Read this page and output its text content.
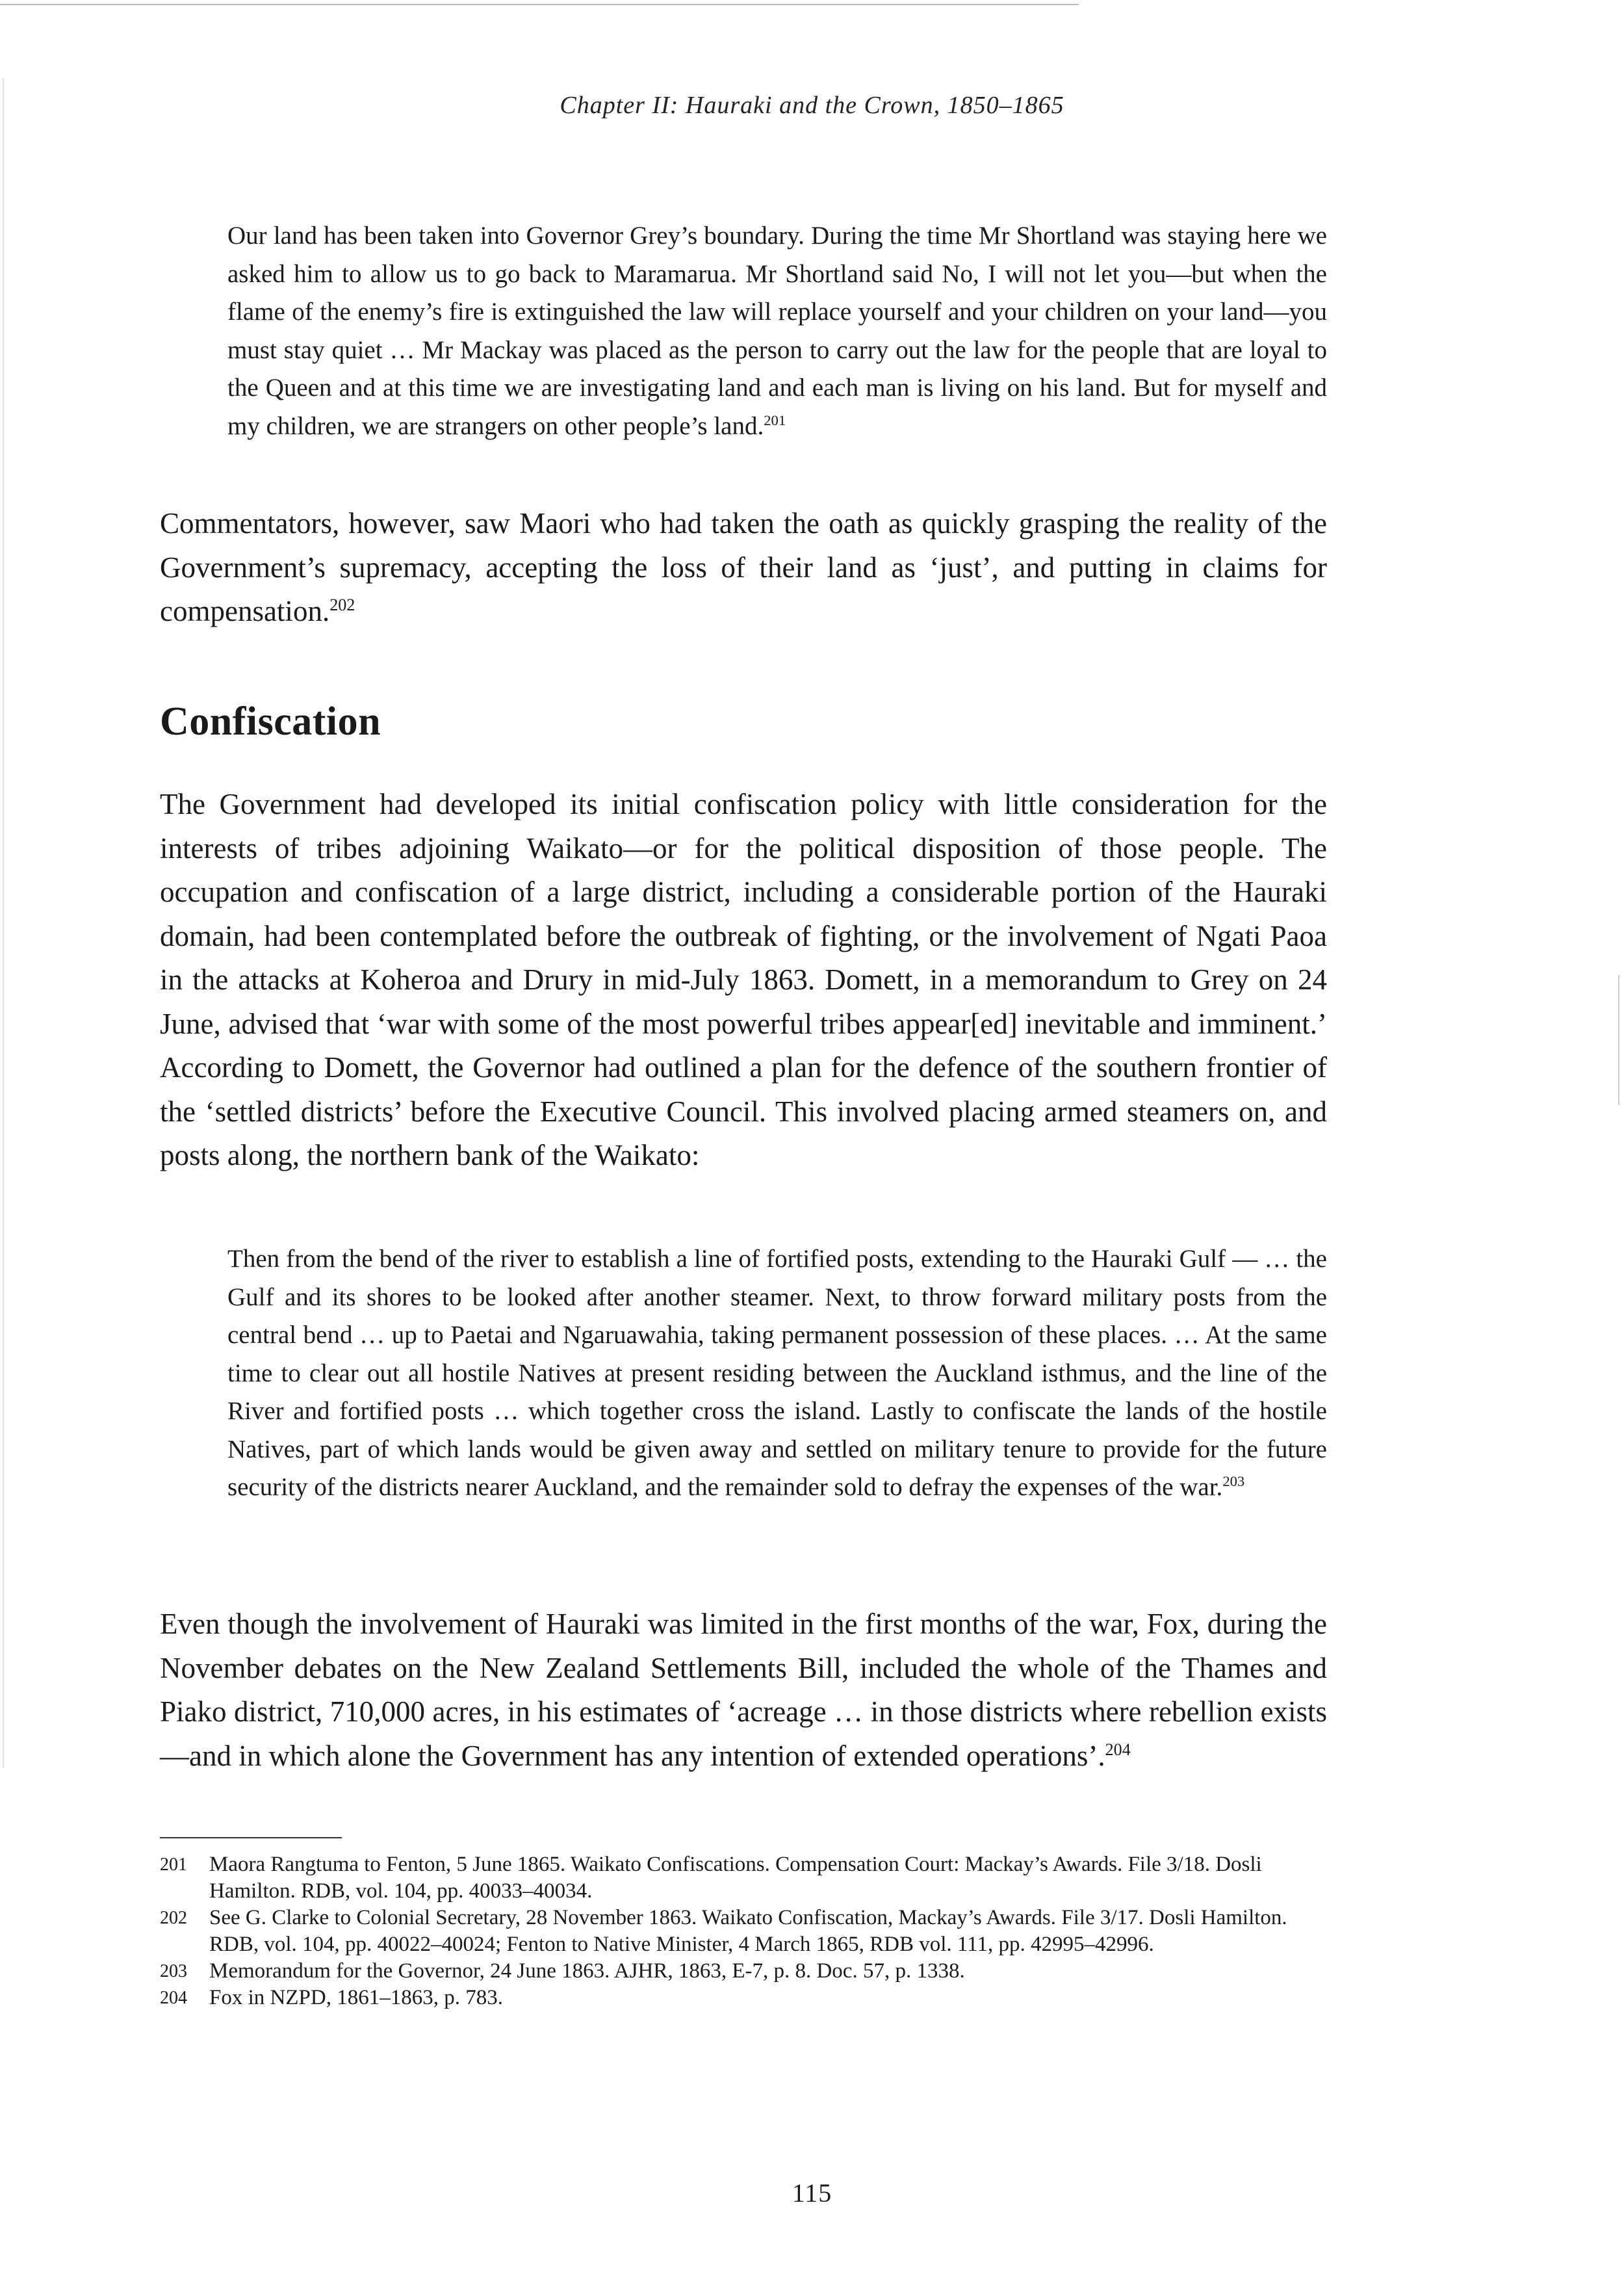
Chapter II: Hauraki and the Crown, 1850–1865

Our land has been taken into Governor Grey’s boundary. During the time Mr Shortland was staying here we asked him to allow us to go back to Maramarua. Mr Shortland said No, I will not let you—but when the flame of the enemy’s fire is extinguished the law will replace yourself and your children on your land—you must stay quiet … Mr Mackay was placed as the person to carry out the law for the people that are loyal to the Queen and at this time we are investigating land and each man is living on his land. But for myself and my children, we are strangers on other people’s land.$^{201}$

Commentators, however, saw Maori who had taken the oath as quickly grasping the reality of the Government’s supremacy, accepting the loss of their land as ‘just’, and putting in claims for compensation.$^{202}$

Confiscation

The Government had developed its initial confiscation policy with little consideration for the interests of tribes adjoining Waikato—or for the political disposition of those people. The occupation and confiscation of a large district, including a considerable portion of the Hauraki domain, had been contemplated before the outbreak of fighting, or the involvement of Ngati Paoa in the attacks at Koheroa and Drury in mid-July 1863. Domett, in a memorandum to Grey on 24 June, advised that ‘war with some of the most powerful tribes appear[ed] inevitable and imminent.’ According to Domett, the Governor had outlined a plan for the defence of the southern frontier of the ‘settled districts’ before the Executive Council. This involved placing armed steamers on, and posts along, the northern bank of the Waikato:

Then from the bend of the river to establish a line of fortified posts, extending to the Hauraki Gulf — … the Gulf and its shores to be looked after another steamer. Next, to throw forward military posts from the central bend … up to Paetai and Ngaruawahia, taking permanent possession of these places. … At the same time to clear out all hostile Natives at present residing between the Auckland isthmus, and the line of the River and fortified posts … which together cross the island. Lastly to confiscate the lands of the hostile Natives, part of which lands would be given away and settled on military tenure to provide for the future security of the districts nearer Auckland, and the remainder sold to defray the expenses of the war.$^{203}$

Even though the involvement of Hauraki was limited in the first months of the war, Fox, during the November debates on the New Zealand Settlements Bill, included the whole of the Thames and Piako district, 710,000 acres, in his estimates of ‘acreage … in those districts where rebellion exists—and in which alone the Government has any intention of extended operations’.$^{204}$

201	Maora Rangtuma to Fenton, 5 June 1865. Waikato Confiscations. Compensation Court: Mackay’s Awards. File 3/18. Dosli Hamilton. RDB, vol. 104, pp. 40033–40034.
202	See G. Clarke to Colonial Secretary, 28 November 1863. Waikato Confiscation, Mackay’s Awards. File 3/17. Dosli Hamilton. RDB, vol. 104, pp. 40022–40024; Fenton to Native Minister, 4 March 1865, RDB vol. 111, pp. 42995–42996.
203	Memorandum for the Governor, 24 June 1863. AJHR, 1863, E-7, p. 8. Doc. 57, p. 1338.
204	Fox in NZPD, 1861–1863, p. 783.
115
